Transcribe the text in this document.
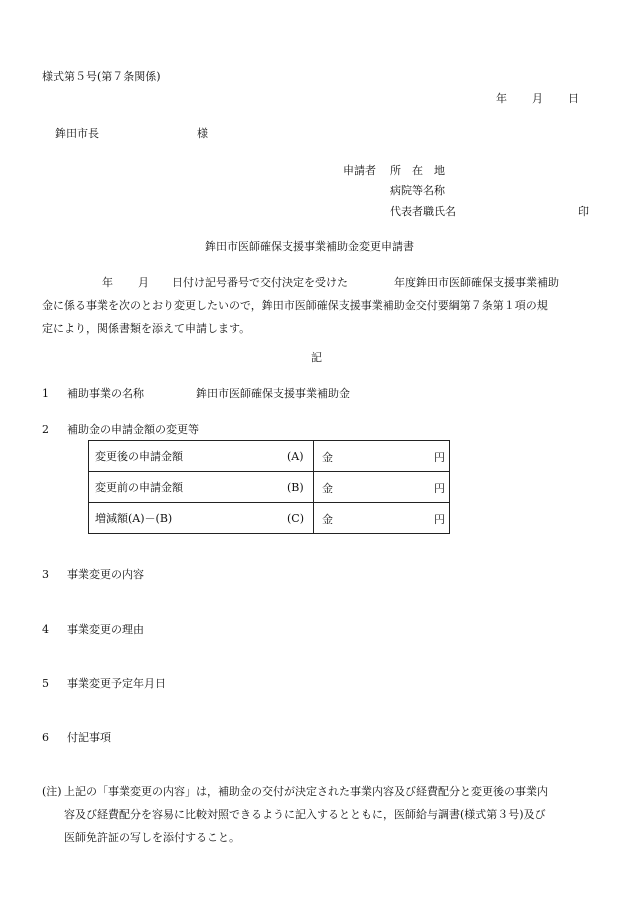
様式第５号(第７条関係)
年 月 日
鉾田市長	様
申請者 所　在　地
病院等名称
代表者職氏名	印
鉾田市医師確保支援事業補助金変更申請書
年 月 日付け記号番号で交付決定を受けた	年度鉾田市医師確保支援事業補助
金に係る事業を次のとおり変更したいので，鉾田市医師確保支援事業補助金交付要綱第７条第１項の規
定により，関係書類を添えて申請します。
記
1 補助事業の名称	鉾田市医師確保支援事業補助金
2 補助金の申請金額の変更等
変更後の申請金額	(A)	金 円

変更前の申請金額	(B)	金 円

増減額(A)－(B)	(C)	金 円
3 事業変更の内容
4 事業変更の理由
5 事業変更予定年月日
6 付記事項
(注) 上記の「事業変更の内容」は，補助金の交付が決定された事業内容及び経費配分と変更後の事業内
容及び経費配分を容易に比較対照できるように記入するとともに，医師給与調書(様式第３号)及び
医師免許証の写しを添付すること。
